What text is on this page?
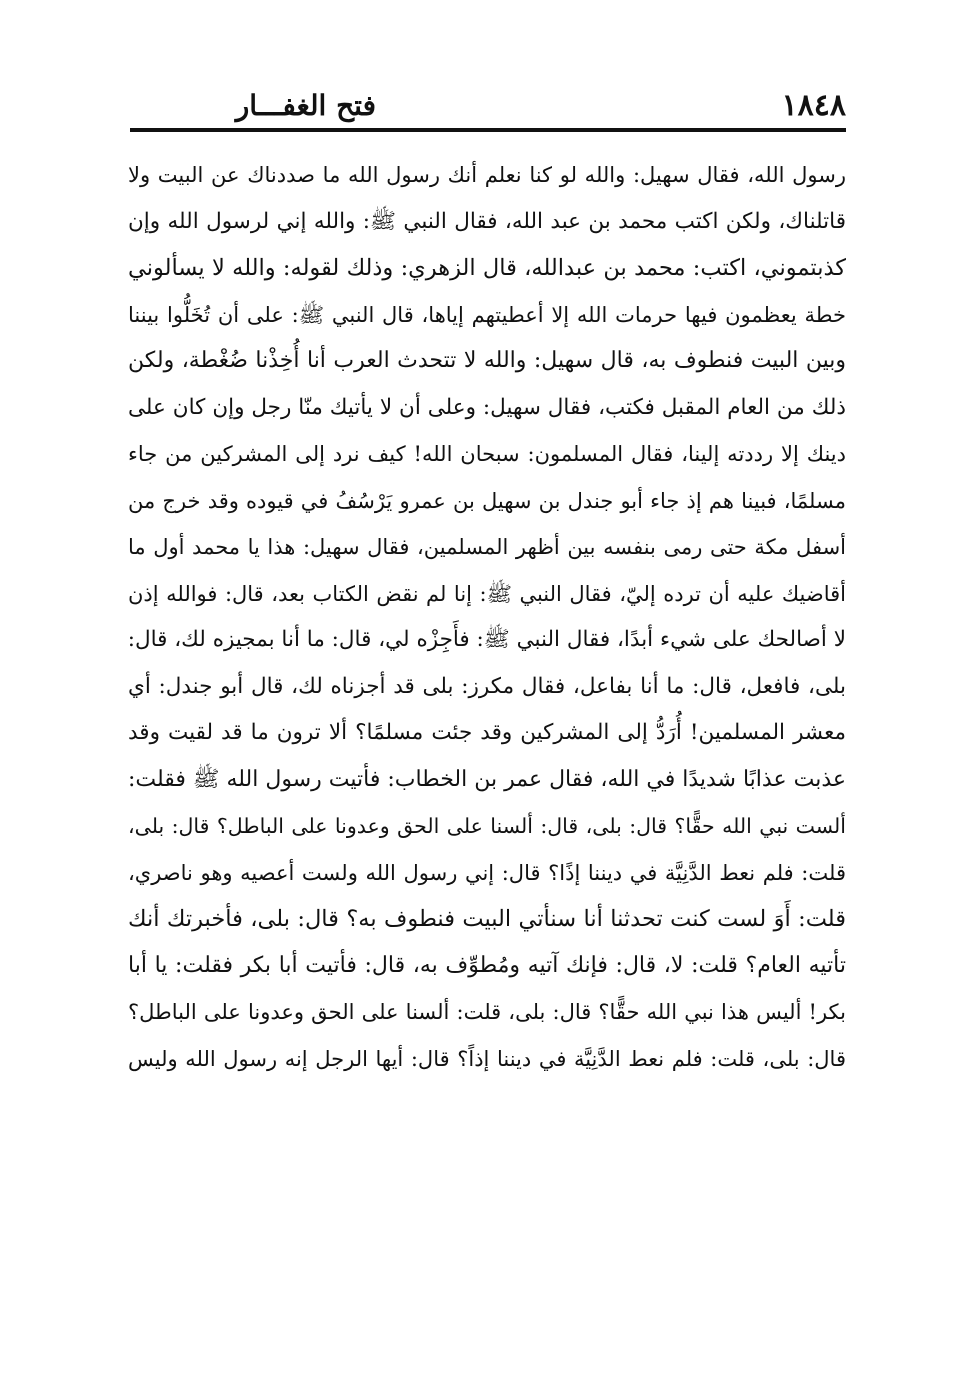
١٨٤٨
فتح الغفـــار
رسول الله، فقال سهيل: والله لو كنا نعلم أنك رسول الله ما صددناك عن البيت ولا
قاتلناك، ولكن اكتب محمد بن عبد الله، فقال النبي ﷺ: والله إني لرسول الله وإن
كذبتموني، اكتب: محمد بن عبدالله، قال الزهري: وذلك لقوله: والله لا يسألوني
خطة يعظمون فيها حرمات الله إلا أعطيتهم إياها، قال النبي ﷺ: على أن تُخَلُّوا بيننا
وبين البيت فنطوف به، قال سهيل: والله لا تتحدث العرب أنا أُخِذْنا ضُغْطة، ولكن
ذلك من العام المقبل فكتب، فقال سهيل: وعلى أن لا يأتيك منّا رجل وإن كان على
دينك إلا رددته إلينا، فقال المسلمون: سبحان الله! كيف نرد إلى المشركين من جاء
مسلمًا، فبينا هم إذ جاء أبو جندل بن سهيل بن عمرو يَرْسُفُ في قيوده وقد خرج من
أسفل مكة حتى رمى بنفسه بين أظهر المسلمين، فقال سهيل: هذا يا محمد أول ما
أقاضيك عليه أن ترده إليّ، فقال النبي ﷺ: إنا لم نقض الكتاب بعد، قال: فوالله إذن
لا أصالحك على شيء أبدًا، فقال النبي ﷺ: فأَجِزْه لي، قال: ما أنا بمجيزه لك، قال:
بلى، فافعل، قال: ما أنا بفاعل، فقال مكرز: بلى قد أجزناه لك، قال أبو جندل: أي
معشر المسلمين! أُرَدُّ إلى المشركين وقد جئت مسلمًا؟ ألا ترون ما قد لقيت وقد
عذبت عذابًا شديدًا في الله، فقال عمر بن الخطاب: فأتيت رسول الله ﷺ فقلت:
ألست نبي الله حقًّا؟ قال: بلى، قال: ألسنا على الحق وعدونا على الباطل؟ قال: بلى،
قلت: فلم نعط الدَّنِيَّة في ديننا إذًا؟ قال: إني رسول الله ولست أعصيه وهو ناصري،
قلت: أَوَ لست كنت تحدثنا أنا سنأتي البيت فنطوف به؟ قال: بلى، فأخبرتك أنك
تأتيه العام؟ قلت: لا، قال: فإنك آتيه ومُطوِّف به، قال: فأتيت أبا بكر فقلت: يا أبا
بكر! أليس هذا نبي الله حقًّا؟ قال: بلى، قلت: ألسنا على الحق وعدونا على الباطل؟
قال: بلى، قلت: فلم نعط الدَّنِيَّة في ديننا إذاً؟ قال: أيها الرجل إنه رسول الله وليس
